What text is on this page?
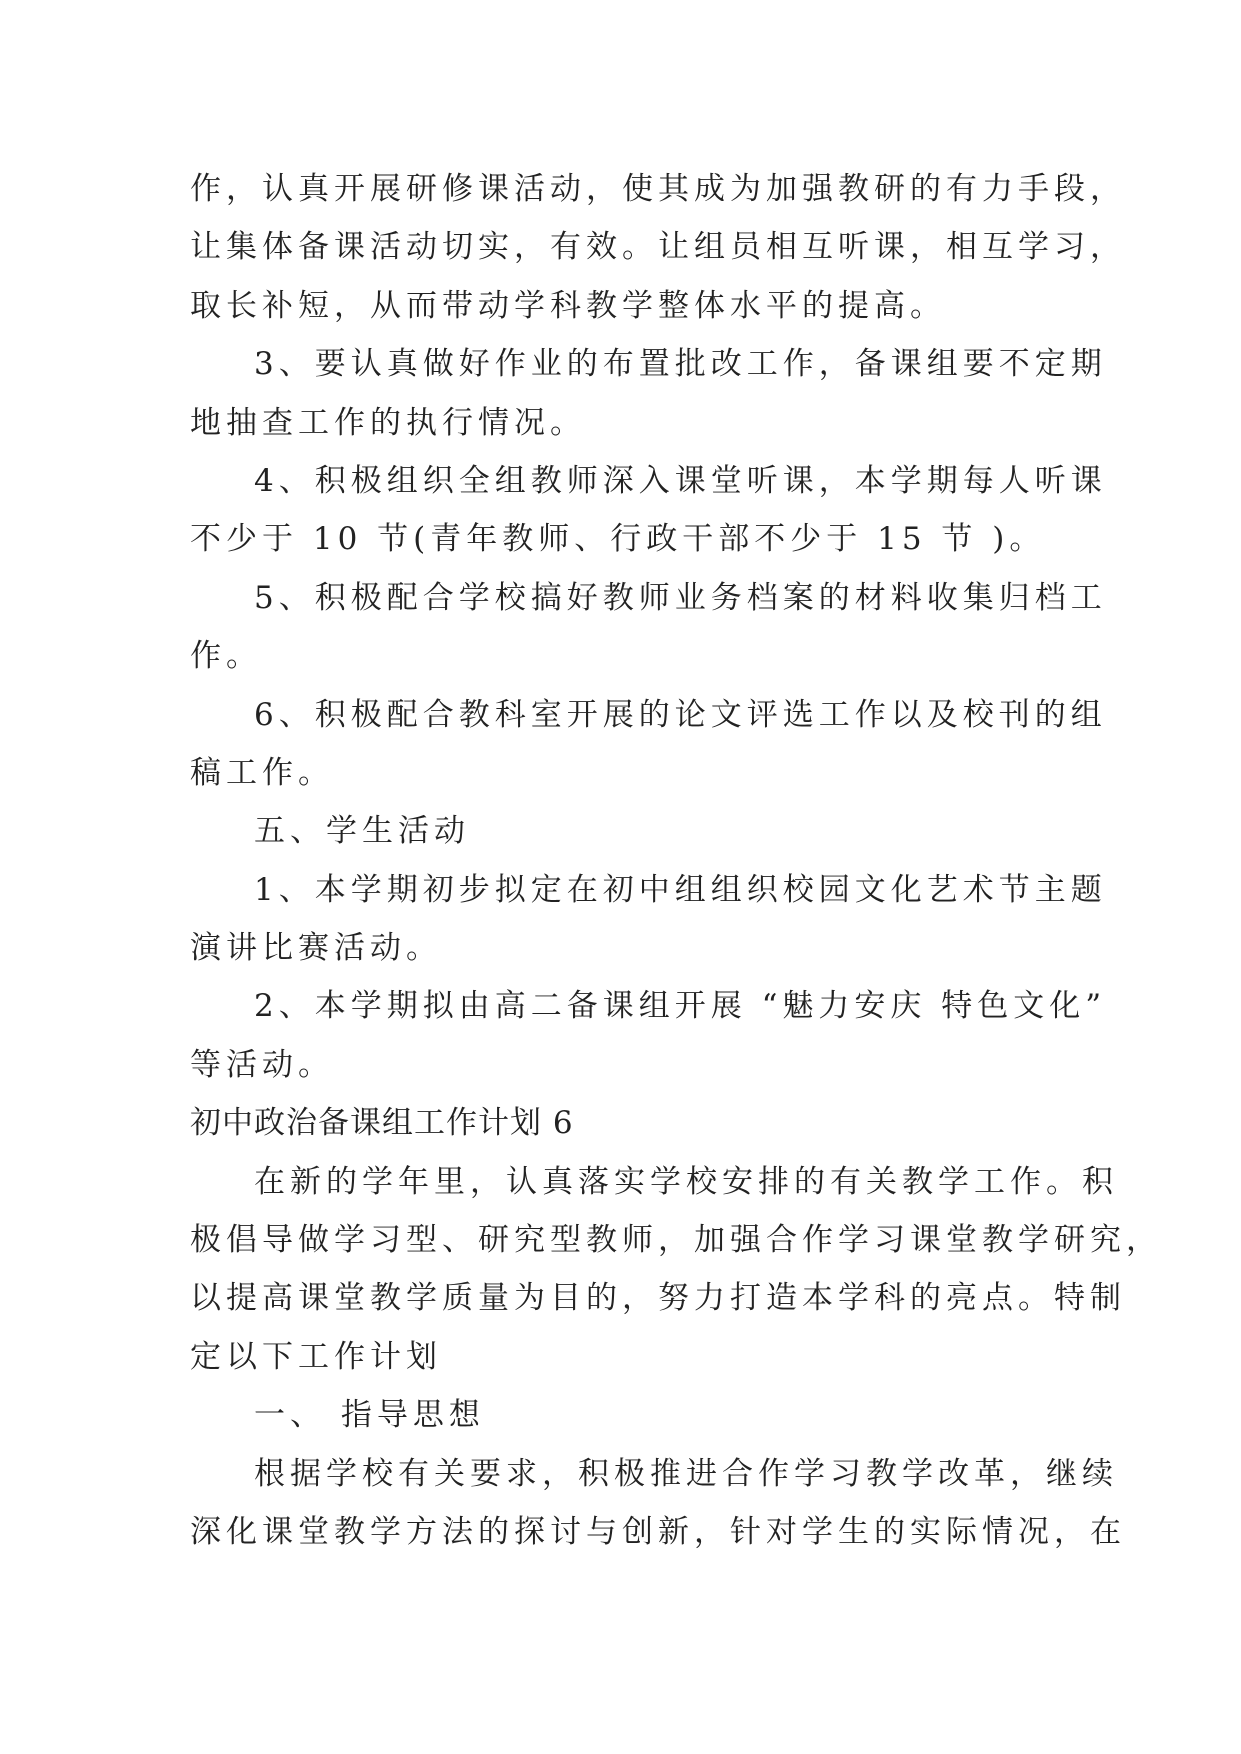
作，认真开展研修课活动，使其成为加强教研的有力手段，

让集体备课活动切实，有效。让组员相互听课，相互学习，

取长补短，从而带动学科教学整体水平的提高。

3、要认真做好作业的布置批改工作，备课组要不定期

地抽查工作的执行情况。

4、积极组织全组教师深入课堂听课，本学期每人听课

不少于 10 节(青年教师、行政干部不少于 15 节 )。

5、积极配合学校搞好教师业务档案的材料收集归档工

作。

6、积极配合教科室开展的论文评选工作以及校刊的组

稿工作。

五、学生活动

1、本学期初步拟定在初中组组织校园文化艺术节主题

演讲比赛活动。

2、本学期拟由高二备课组开展 “魅力安庆 特色文化”

等活动。

初中政治备课组工作计划 6

在新的学年里，认真落实学校安排的有关教学工作。积

极倡导做学习型、研究型教师，加强合作学习课堂教学研究，

以提高课堂教学质量为目的，努力打造本学科的亮点。特制

定以下工作计划

一、 指导思想

根据学校有关要求，积极推进合作学习教学改革，继续

深化课堂教学方法的探讨与创新，针对学生的实际情况，在
